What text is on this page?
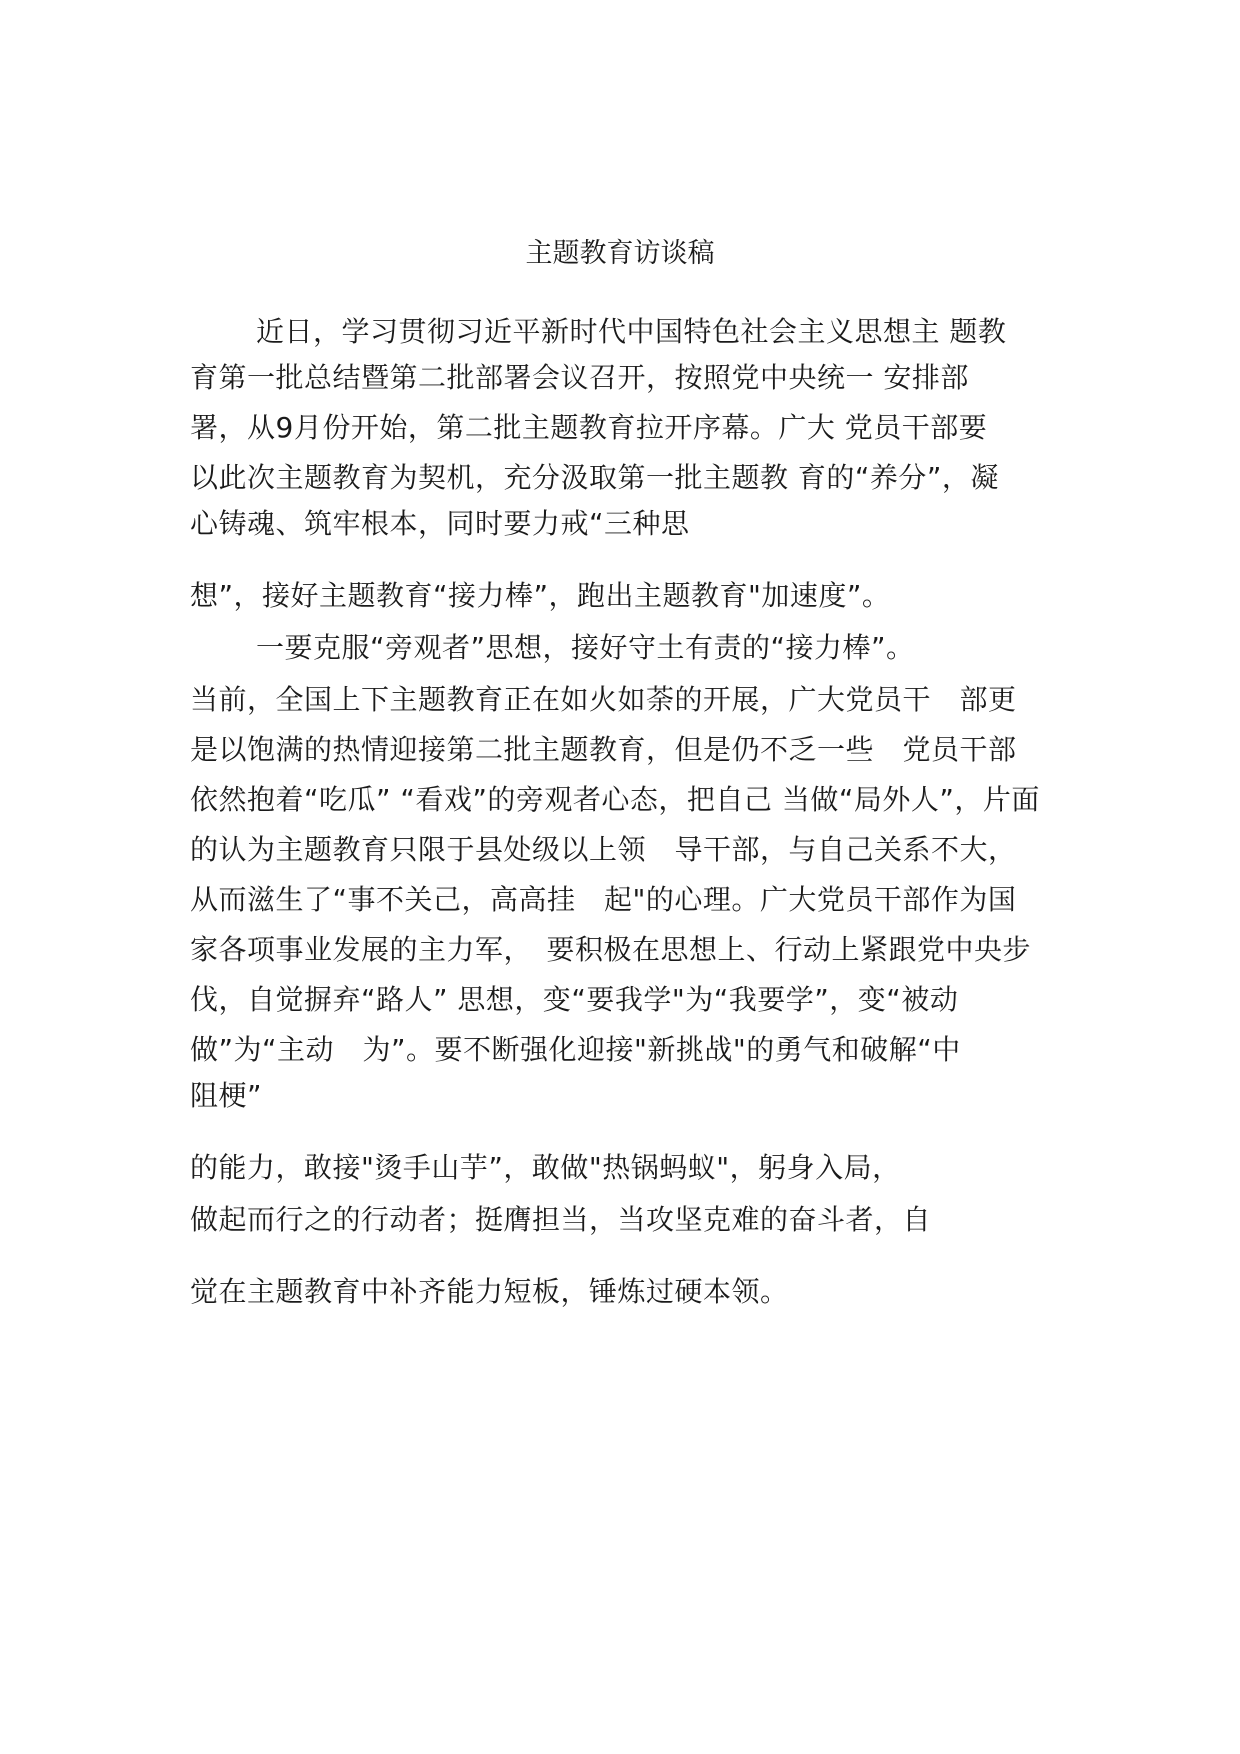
主题教育访谈稿
近日，学习贯彻习近平新时代中国特色社会主义思想主 题教
育第一批总结暨第二批部署会议召开，按照党中央统一 安排部
署，从9月份开始，第二批主题教育拉开序幕。广大 党员干部要
以此次主题教育为契机，充分汲取第一批主题教 育的“养分”，凝
心铸魂、筑牢根本，同时要力戒“三种思
想”，接好主题教育“接力棒”，跑出主题教育"加速度”。
一要克服“旁观者”思想，接好守土有责的“接力棒”。
当前，全国上下主题教育正在如火如荼的开展，广大党员干　部更
是以饱满的热情迎接第二批主题教育，但是仍不乏一些　党员干部
依然抱着“吃瓜” “看戏”的旁观者心态，把自己 当做“局外人”，片面
的认为主题教育只限于县处级以上领　导干部，与自己关系不大，
从而滋生了“事不关己，高高挂　起"的心理。广大党员干部作为国
家各项事业发展的主力军，　要积极在思想上、行动上紧跟党中央步
伐，自觉摒弃“路人” 思想，变“要我学"为“我要学”，变“被动
做”为“主动　为”。要不断强化迎接"新挑战"的勇气和破解“中
阻梗”
的能力，敢接"烫手山芋”，敢做"热锅蚂蚁"，躬身入局，
做起而行之的行动者；挺膺担当，当攻坚克难的奋斗者，自
觉在主题教育中补齐能力短板，锤炼过硬本领。
